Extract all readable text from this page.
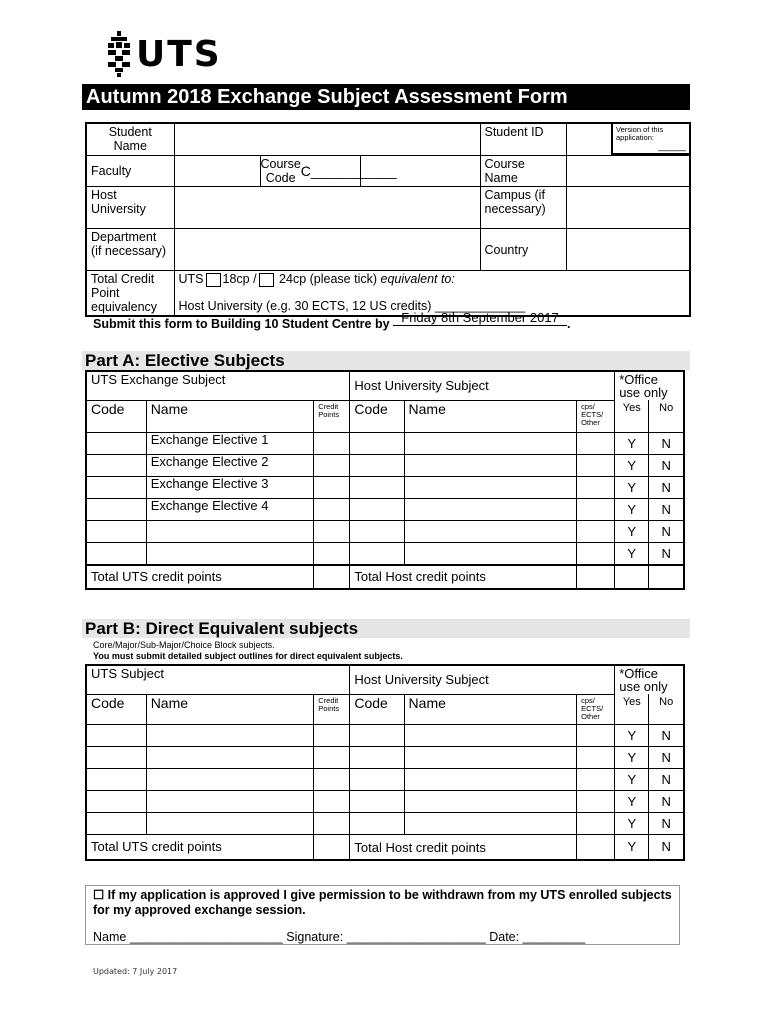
UTS
Autumn 2018 Exchange Subject Assessment Form
Student Name				Student ID	Version of this application:
_____

Faculty		Course Code C___________		Course Name	
Host University				Campus (if necessary)	
Department (if necessary)				Country	
Total Credit Point equivalency	UTS 18cp / 24cp (please tick) equivalent to:
Host University (e.g. 30 ECTS, 12 US credits) _____________				
Submit this form to Building 10 Student Centre by Friday 8th September 2017 .
Part A: Elective Subjects
UTS Exchange Subject			Host University Subject			*Office use only	
Code	Name	Credit Points	Code	Name	cps/ ECTS/ Other	Yes	No
	Exchange Elective 1					Y	N
	Exchange Elective 2					Y	N
	Exchange Elective 3					Y	N
	Exchange Elective 4					Y	N
						Y	N
						Y	N
Total UTS credit points			Total Host credit points				
Part B: Direct Equivalent subjects
Core/Major/Sub-Major/Choice Block subjects.
You must submit detailed subject outlines for direct equivalent subjects.
UTS Subject			Host University Subject			*Office use only	
Code	Name	Credit Points	Code	Name	cps/ ECTS/ Other	Yes	No
						Y	N
						Y	N
						Y	N
						Y	N
						Y	N
Total UTS credit points			Total Host credit points			Y	N
☐ If my application is approved I give permission to be withdrawn from my UTS enrolled subjects for my approved exchange session.
Name ______________________ Signature: ____________________ Date: _________
Updated: 7 July 2017
